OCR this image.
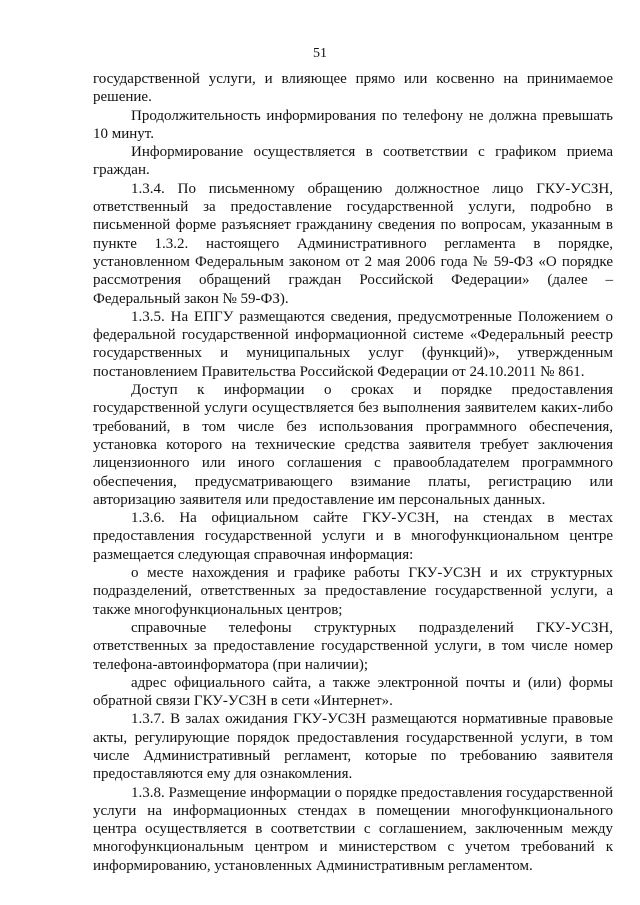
51

государственной услуги, и влияющее прямо или косвенно на принимаемое решение.

Продолжительность информирования по телефону не должна превышать 10 минут.

Информирование осуществляется в соответствии с графиком приема граждан.

1.3.4. По письменному обращению должностное лицо ГКУ-УСЗН, ответственный за предоставление государственной услуги, подробно в письменной форме разъясняет гражданину сведения по вопросам, указанным в пункте 1.3.2. настоящего Административного регламента в порядке, установленном Федеральным законом от 2 мая 2006 года № 59-ФЗ «О порядке рассмотрения обращений граждан Российской Федерации» (далее – Федеральный закон № 59-ФЗ).

1.3.5. На ЕПГУ размещаются сведения, предусмотренные Положением о федеральной государственной информационной системе «Федеральный реестр государственных и муниципальных услуг (функций)», утвержденным постановлением Правительства Российской Федерации от 24.10.2011 № 861.

Доступ к информации о сроках и порядке предоставления государственной услуги осуществляется без выполнения заявителем каких-либо требований, в том числе без использования программного обеспечения, установка которого на технические средства заявителя требует заключения лицензионного или иного соглашения с правообладателем программного обеспечения, предусматривающего взимание платы, регистрацию или авторизацию заявителя или предоставление им персональных данных.

1.3.6. На официальном сайте ГКУ-УСЗН, на стендах в местах предоставления государственной услуги и в многофункциональном центре размещается следующая справочная информация:

о месте нахождения и графике работы ГКУ-УСЗН и их структурных подразделений, ответственных за предоставление государственной услуги, а также многофункциональных центров;

справочные телефоны структурных подразделений ГКУ-УСЗН, ответственных за предоставление государственной услуги, в том числе номер телефона-автоинформатора (при наличии);

адрес официального сайта, а также электронной почты и (или) формы обратной связи ГКУ-УСЗН в сети «Интернет».

1.3.7. В залах ожидания ГКУ-УСЗН размещаются нормативные правовые акты, регулирующие порядок предоставления государственной услуги, в том числе Административный регламент, которые по требованию заявителя предоставляются ему для ознакомления.

1.3.8. Размещение информации о порядке предоставления государственной услуги на информационных стендах в помещении многофункционального центра осуществляется в соответствии с соглашением, заключенным между многофункциональным центром и министерством с учетом требований к информированию, установленных Административным регламентом.
